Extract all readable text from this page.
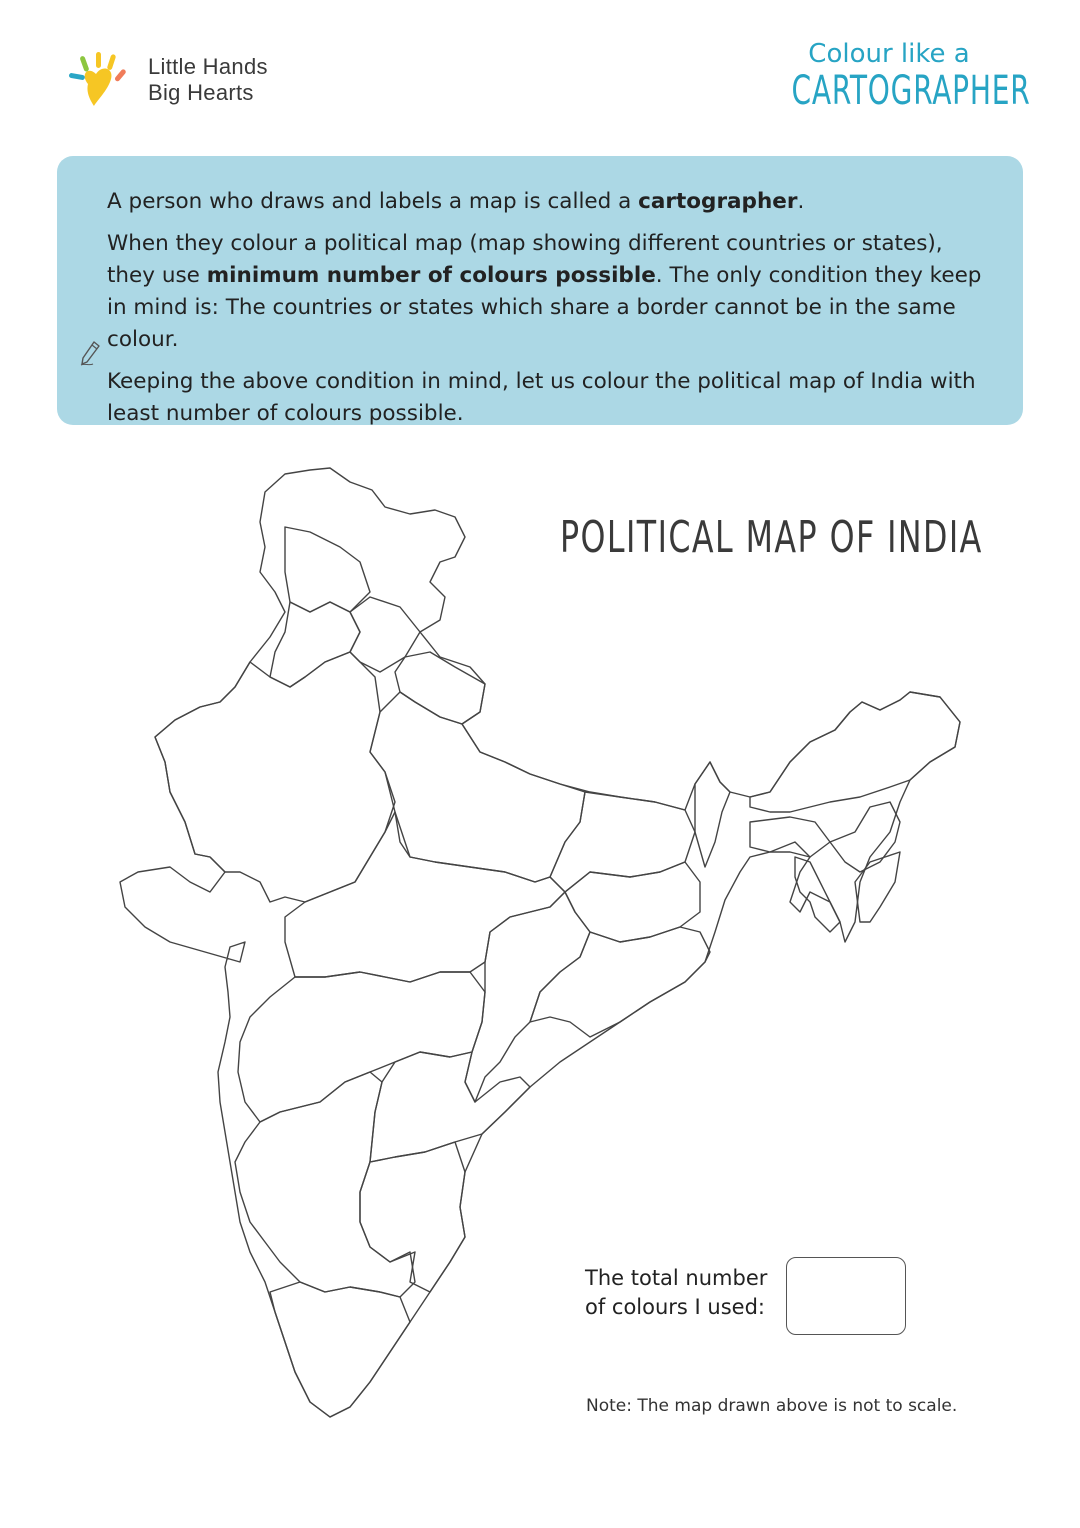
Little Hands
Big Hearts
Colour like a
CARTOGRAPHER

A person who draws and labels a map is called a cartographer.

When they colour a political map (map showing different countries or states), they use minimum number of colours possible. The only condition they keep in mind is: The countries or states which share a border cannot be in the same colour.

Keeping the above condition in mind, let us colour the political map of India with least number of colours possible.

POLITICAL MAP OF INDIA
The total number
of colours I used:
Note: The map drawn above is not to scale.
